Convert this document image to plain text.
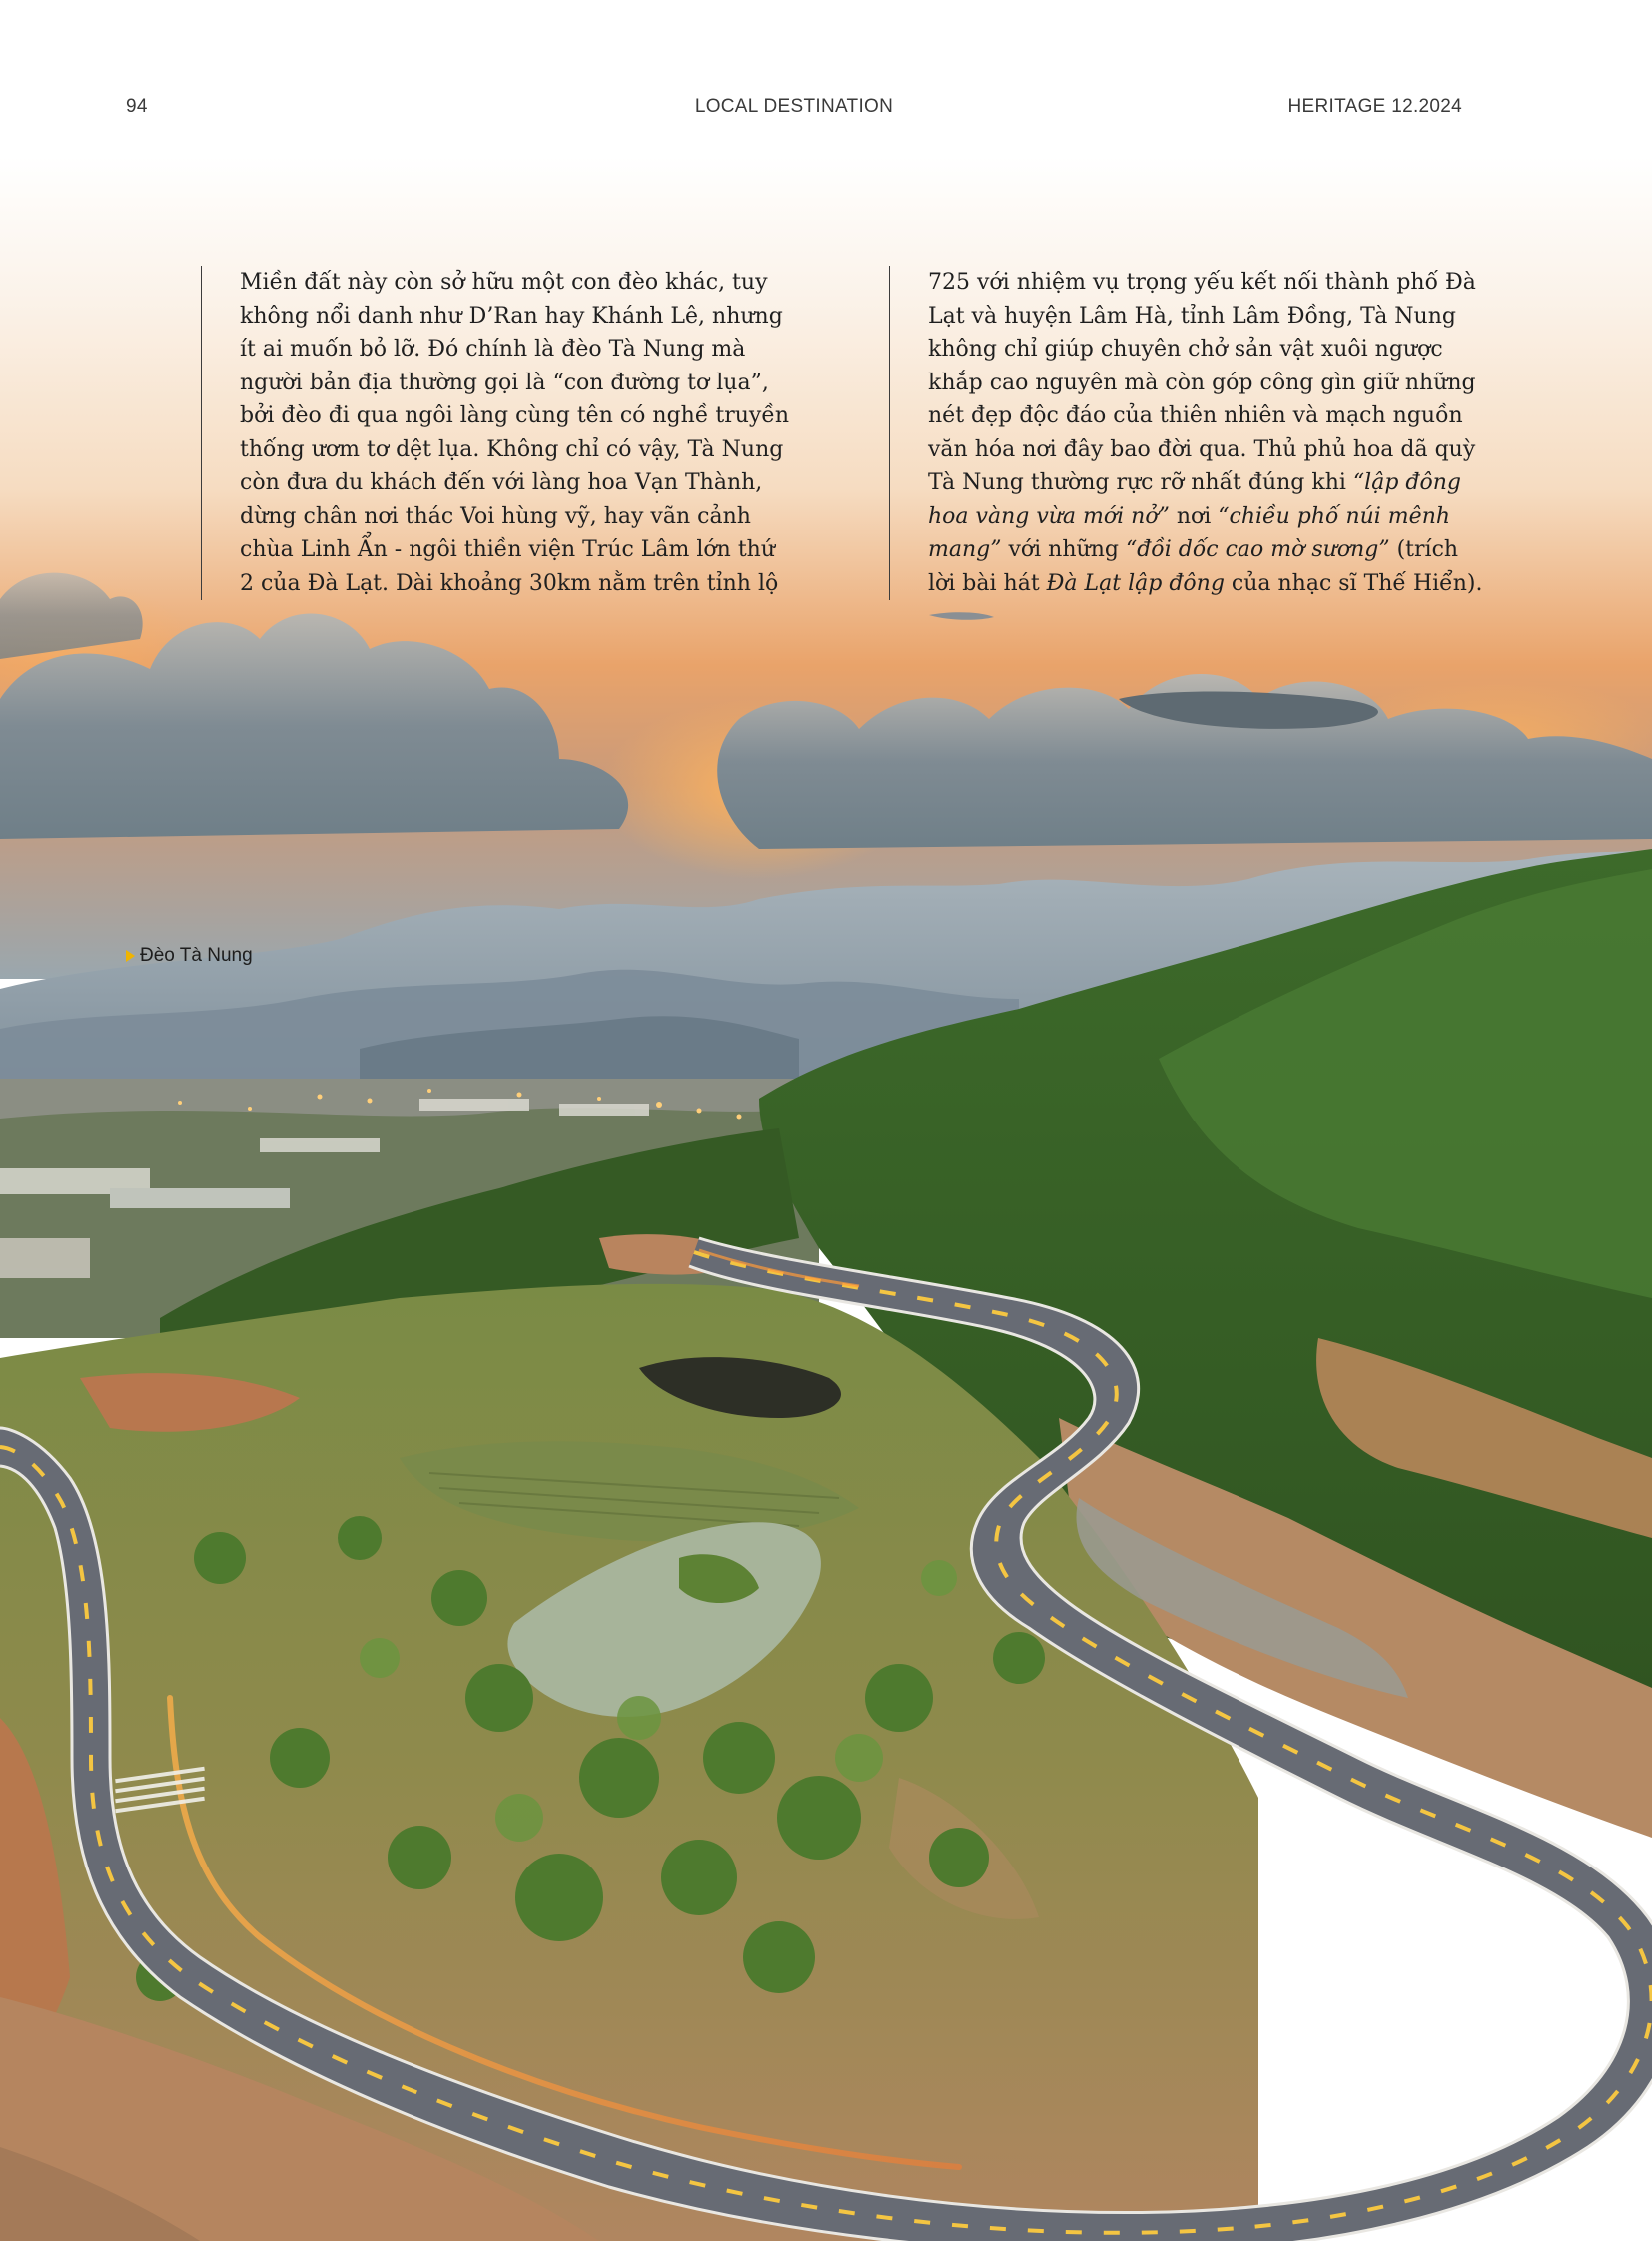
94	LOCAL DESTINATION	HERITAGE 12.2024

Miền đất này còn sở hữu một con đèo khác, tuy không nổi danh như D’Ran hay Khánh Lê, nhưng ít ai muốn bỏ lỡ. Đó chính là đèo Tà Nung mà người bản địa thường gọi là “con đường tơ lụa”, bởi đèo đi qua ngôi làng cùng tên có nghề truyền thống ươm tơ dệt lụa. Không chỉ có vậy, Tà Nung còn đưa du khách đến với làng hoa Vạn Thành, dừng chân nơi thác Voi hùng vỹ, hay vãn cảnh chùa Linh Ẩn - ngôi thiền viện Trúc Lâm lớn thứ 2 của Đà Lạt. Dài khoảng 30km nằm trên tỉnh lộ

725 với nhiệm vụ trọng yếu kết nối thành phố Đà Lạt và huyện Lâm Hà, tỉnh Lâm Đồng, Tà Nung không chỉ giúp chuyên chở sản vật xuôi ngược khắp cao nguyên mà còn góp công gìn giữ những nét đẹp độc đáo của thiên nhiên và mạch nguồn văn hóa nơi đây bao đời qua. Thủ phủ hoa dã quỳ Tà Nung thường rực rỡ nhất đúng khi “lập đông hoa vàng vừa mới nở” nơi “chiều phố núi mênh mang” với những “đồi dốc cao mờ sương” (trích lời bài hát Đà Lạt lập đông của nhạc sĩ Thế Hiển).

Đèo Tà Nung
